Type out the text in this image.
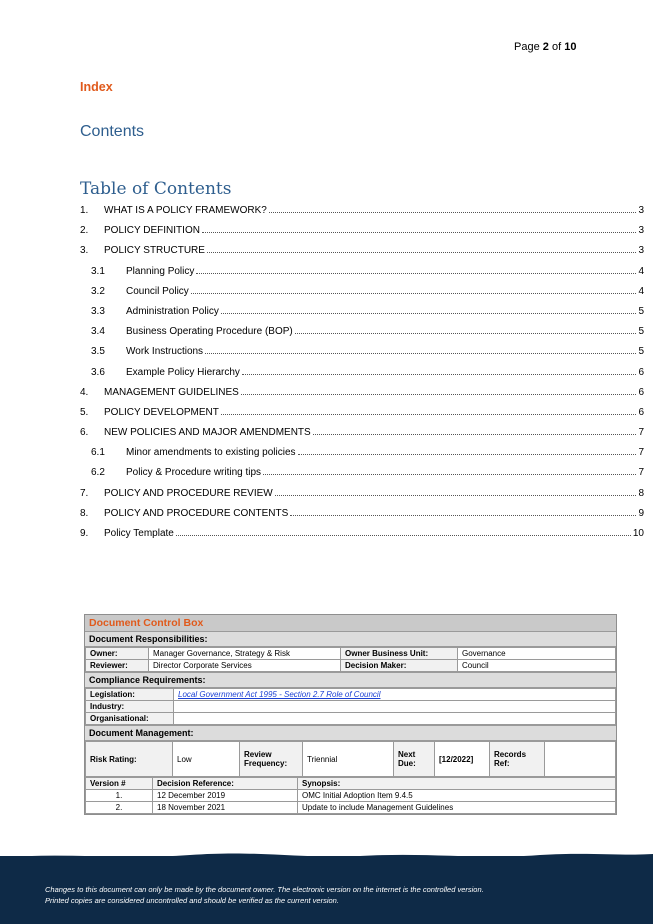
Page 2 of 10
Index
Contents
Table of Contents
1.	WHAT IS A POLICY FRAMEWORK?	3
2.	POLICY DEFINITION	3
3.	POLICY STRUCTURE	3
3.1	Planning Policy	4
3.2	Council Policy	4
3.3	Administration Policy	5
3.4	Business Operating Procedure (BOP)	5
3.5	Work Instructions	5
3.6	Example Policy Hierarchy	6
4.	MANAGEMENT GUIDELINES	6
5.	POLICY DEVELOPMENT	6
6.	NEW POLICIES AND MAJOR AMENDMENTS	7
6.1	Minor amendments to existing policies	7
6.2	Policy & Procedure writing tips	7
7.	POLICY AND PROCEDURE REVIEW	8
8.	POLICY AND PROCEDURE CONTENTS	9
9.	Policy Template	10
Document Control Box
Document Responsibilities:
Owner:	Manager Governance, Strategy & Risk	Owner Business Unit:	Governance
Reviewer:	Director Corporate Services	Decision Maker:	Council
Compliance Requirements:
Legislation:	Local Government Act 1995 - Section 2.7 Role of Council
Industry:	
Organisational:	
Document Management:
Risk Rating:	Low	Review Frequency:	Triennial	Next Due:	[12/2022]	Records Ref:	
Version #	Decision Reference:	Synopsis:
1.	12 December 2019	OMC Initial Adoption Item 9.4.5
2.	18 November 2021	Update to include Management Guidelines
Changes to this document can only be made by the document owner. The electronic version on the internet is the controlled version.
Printed copies are considered uncontrolled and should be verified as the current version.
